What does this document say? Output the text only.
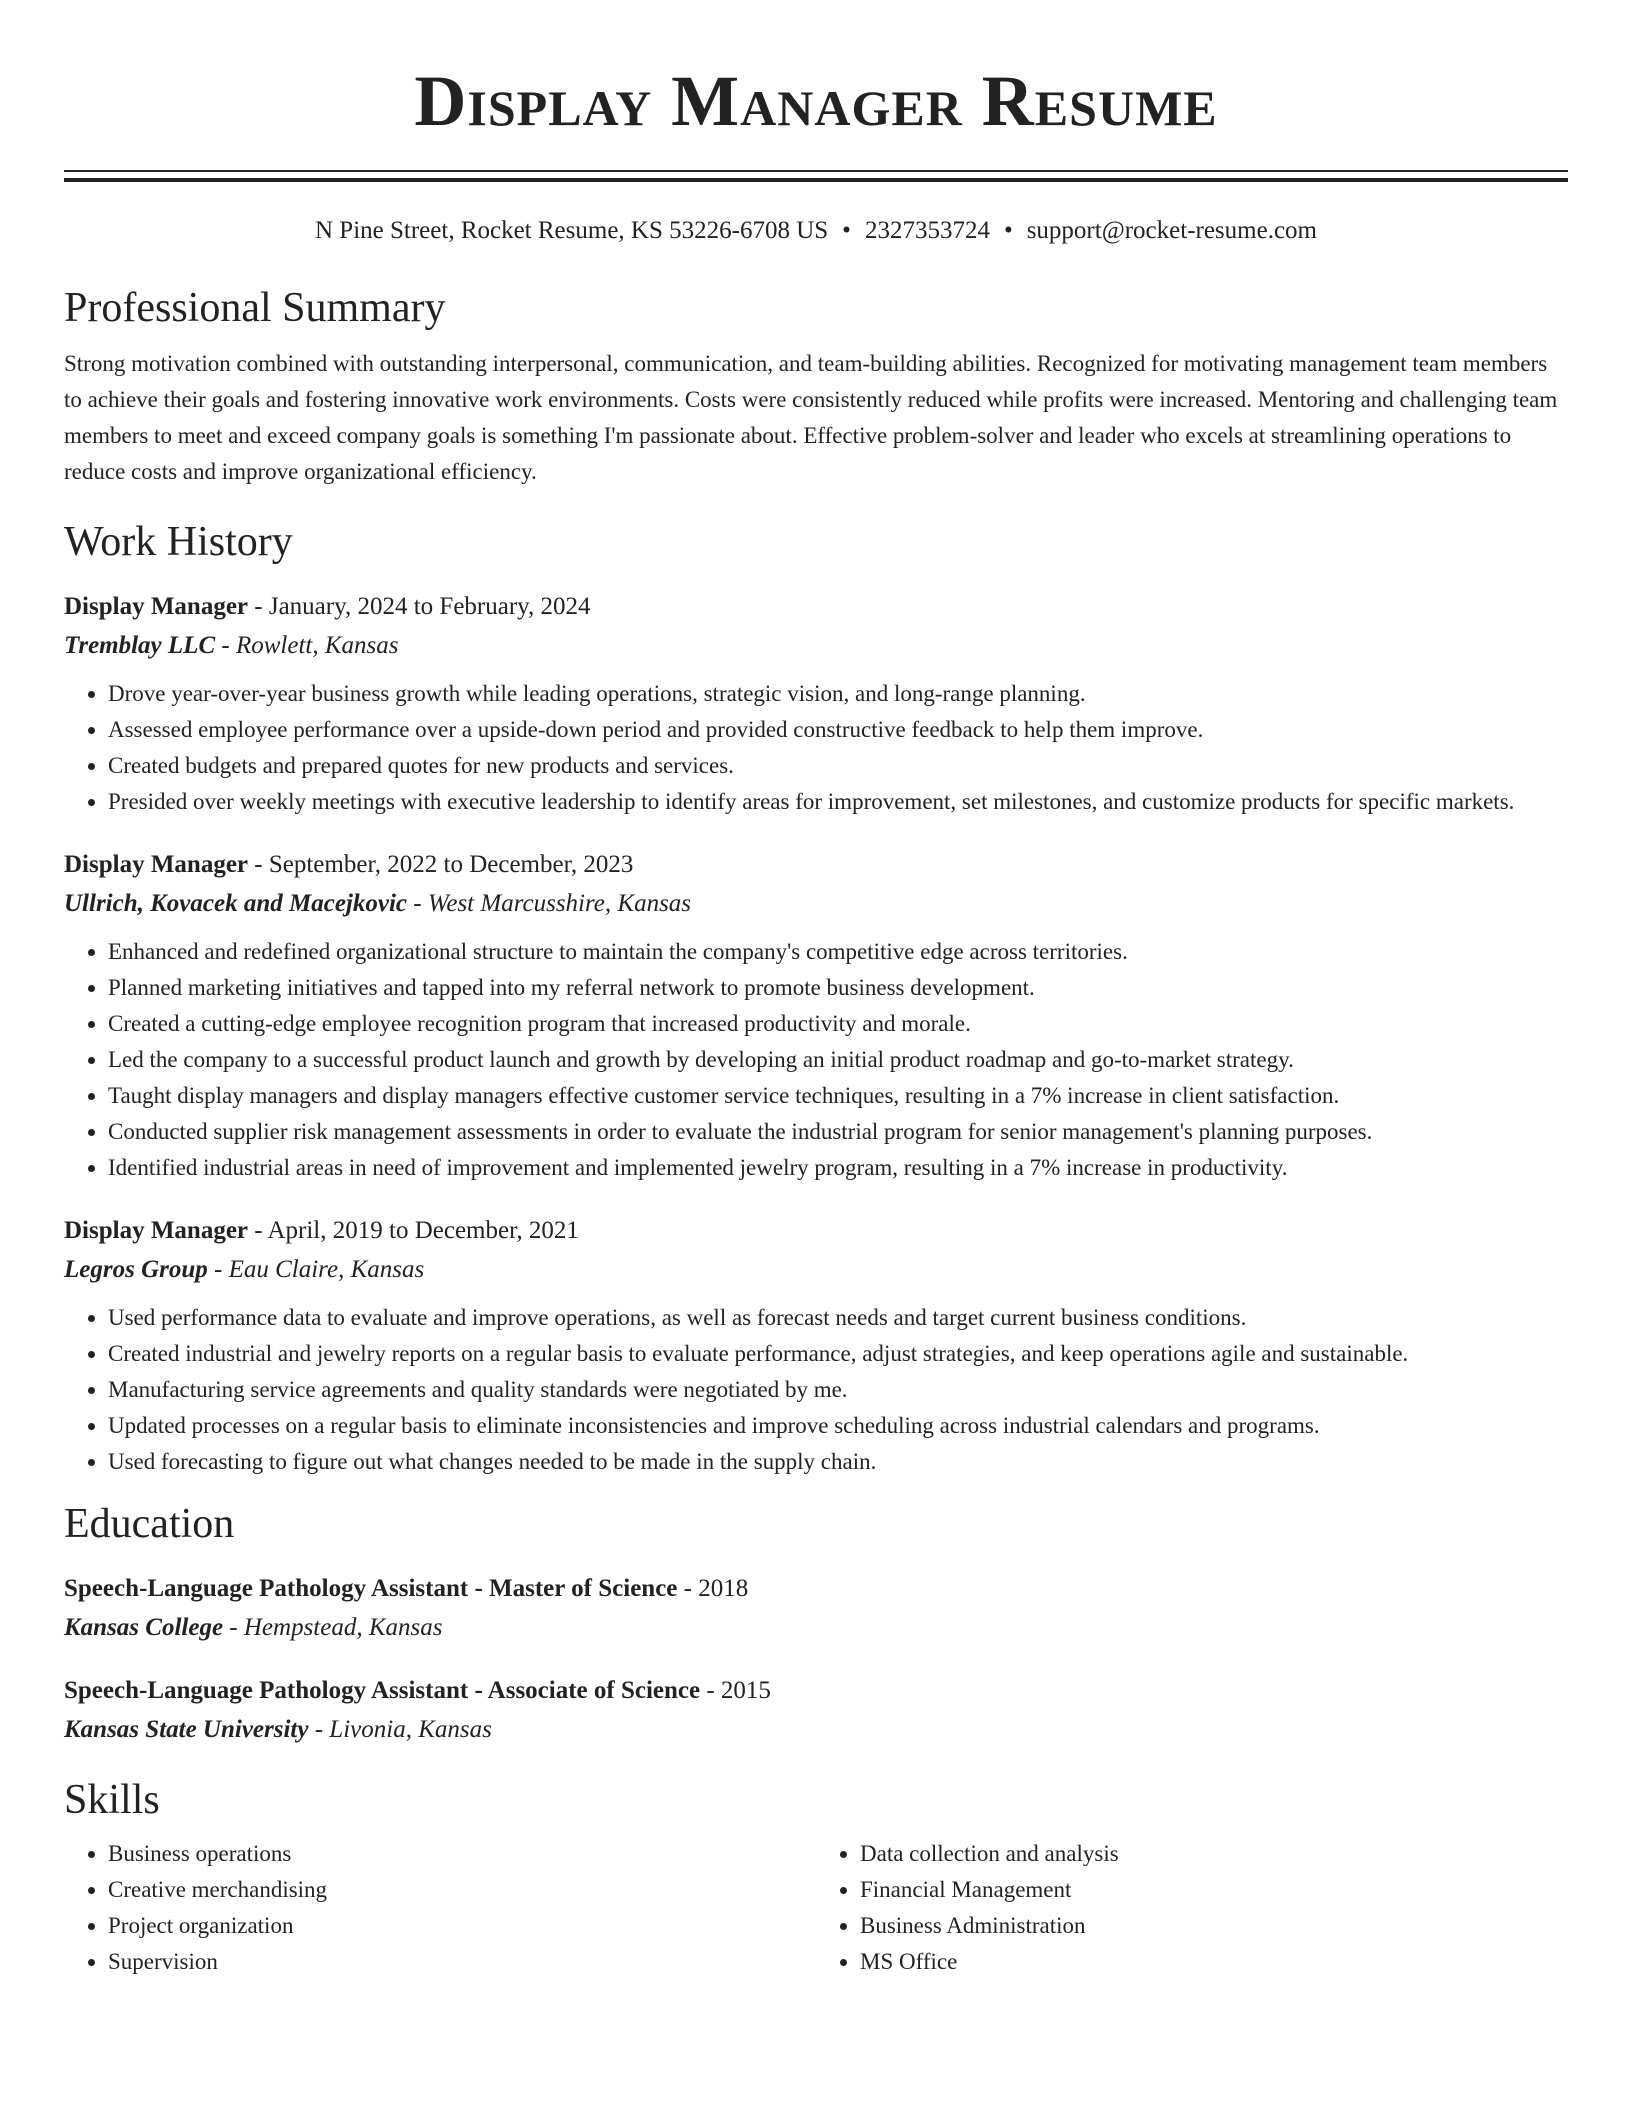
Display Manager Resume
N Pine Street, Rocket Resume, KS 53226-6708 US • 2327353724 • support@rocket-resume.com
Professional Summary
Strong motivation combined with outstanding interpersonal, communication, and team-building abilities. Recognized for motivating management team members to achieve their goals and fostering innovative work environments. Costs were consistently reduced while profits were increased. Mentoring and challenging team members to meet and exceed company goals is something I'm passionate about. Effective problem-solver and leader who excels at streamlining operations to reduce costs and improve organizational efficiency.
Work History
Display Manager - January, 2024 to February, 2024
Tremblay LLC - Rowlett, Kansas
• Drove year-over-year business growth while leading operations, strategic vision, and long-range planning.
• Assessed employee performance over a upside-down period and provided constructive feedback to help them improve.
• Created budgets and prepared quotes for new products and services.
• Presided over weekly meetings with executive leadership to identify areas for improvement, set milestones, and customize products for specific markets.
Display Manager - September, 2022 to December, 2023
Ullrich, Kovacek and Macejkovic - West Marcusshire, Kansas
• Enhanced and redefined organizational structure to maintain the company's competitive edge across territories.
• Planned marketing initiatives and tapped into my referral network to promote business development.
• Created a cutting-edge employee recognition program that increased productivity and morale.
• Led the company to a successful product launch and growth by developing an initial product roadmap and go-to-market strategy.
• Taught display managers and display managers effective customer service techniques, resulting in a 7% increase in client satisfaction.
• Conducted supplier risk management assessments in order to evaluate the industrial program for senior management's planning purposes.
• Identified industrial areas in need of improvement and implemented jewelry program, resulting in a 7% increase in productivity.
Display Manager - April, 2019 to December, 2021
Legros Group - Eau Claire, Kansas
• Used performance data to evaluate and improve operations, as well as forecast needs and target current business conditions.
• Created industrial and jewelry reports on a regular basis to evaluate performance, adjust strategies, and keep operations agile and sustainable.
• Manufacturing service agreements and quality standards were negotiated by me.
• Updated processes on a regular basis to eliminate inconsistencies and improve scheduling across industrial calendars and programs.
• Used forecasting to figure out what changes needed to be made in the supply chain.
Education
Speech-Language Pathology Assistant - Master of Science - 2018
Kansas College - Hempstead, Kansas
Speech-Language Pathology Assistant - Associate of Science - 2015
Kansas State University - Livonia, Kansas
Skills
• Business operations
• Creative merchandising
• Project organization
• Supervision
• Data collection and analysis
• Financial Management
• Business Administration
• MS Office
